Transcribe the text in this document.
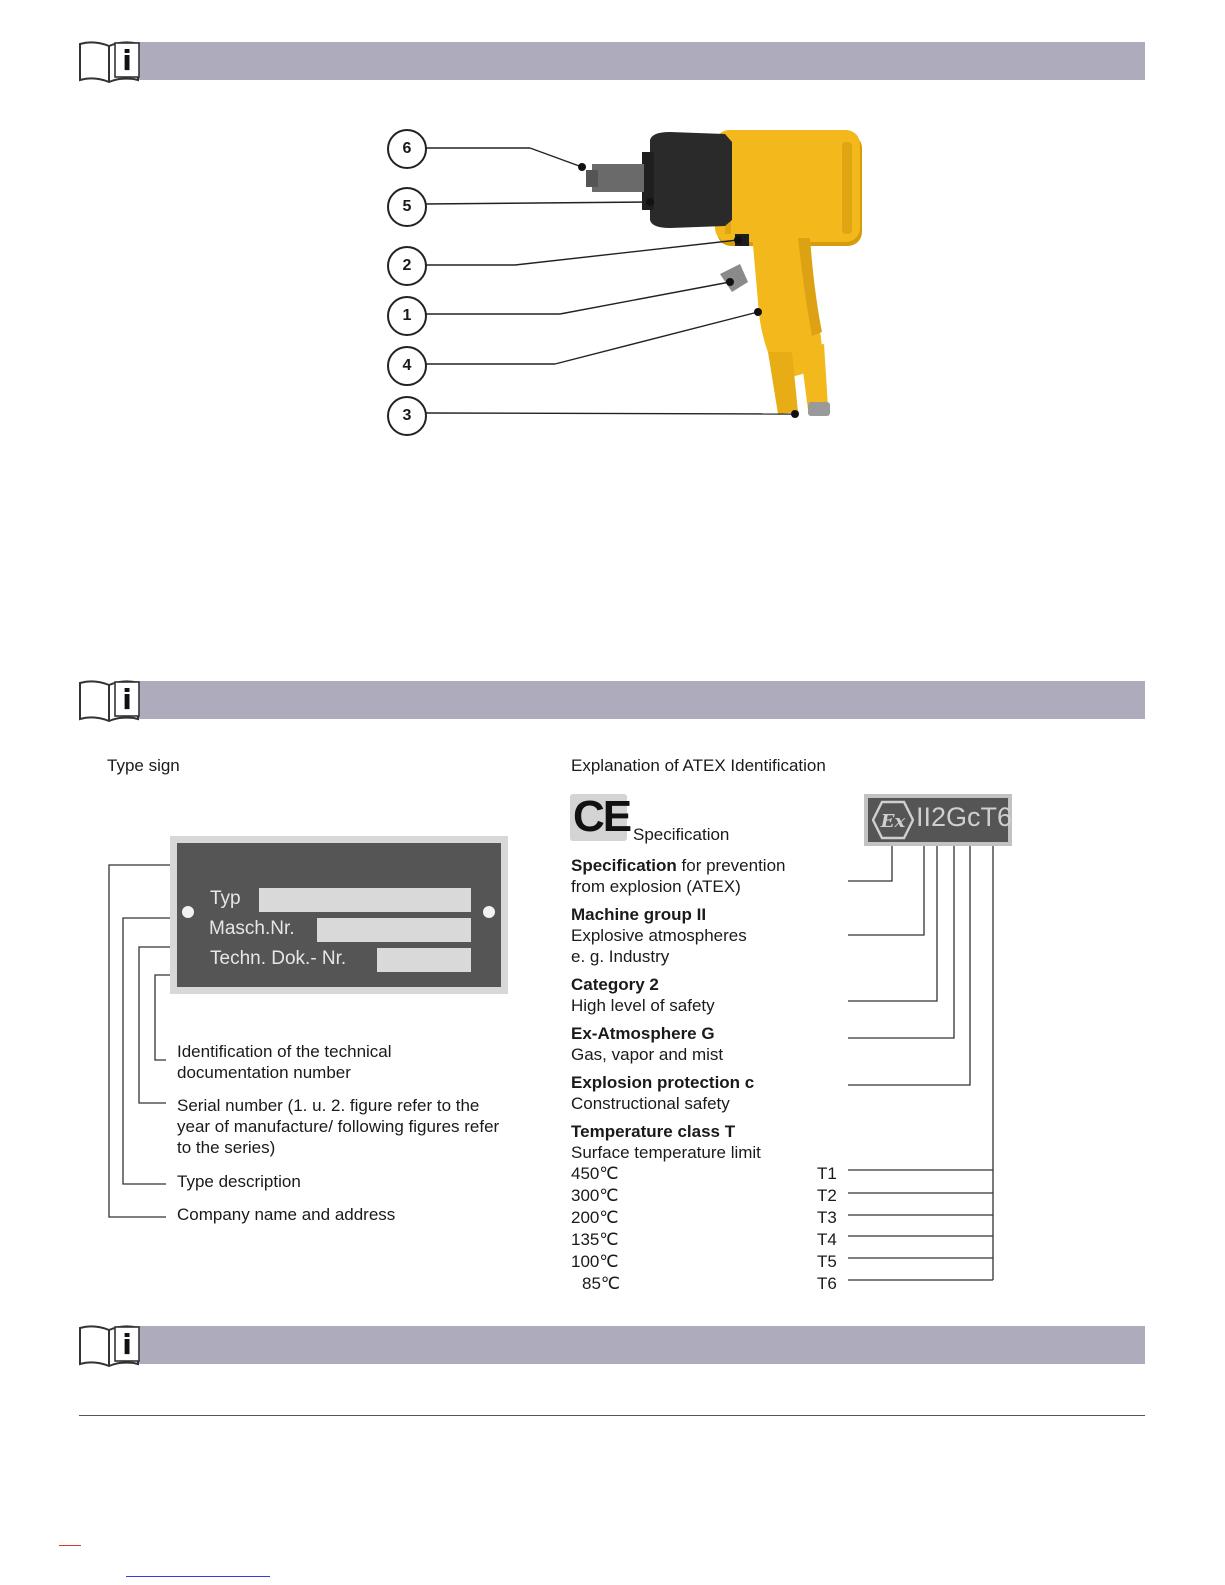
i
6
5
2
1
4
3
i
Type sign
Typ
Masch.Nr.
Techn. Dok.- Nr.
Identification of the technical
documentation number
Serial number (1. u. 2. figure refer to the
year of manufacture/ following figures refer
to the series)
Type description
Company name and address
Explanation of ATEX Identification
CE Specification
Ex II2GcT6
Specification for prevention
from explosion (ATEX)
Machine group II
Explosive atmospheres
e. g. Industry
Category 2
High level of safety
Ex-Atmosphere G
Gas, vapor and mist
Explosion protection c
Constructional safety
Temperature class T
Surface temperature limit
450℃
300℃
200℃
135℃
100℃
85℃
T1
T2
T3
T4
T5
T6
i
